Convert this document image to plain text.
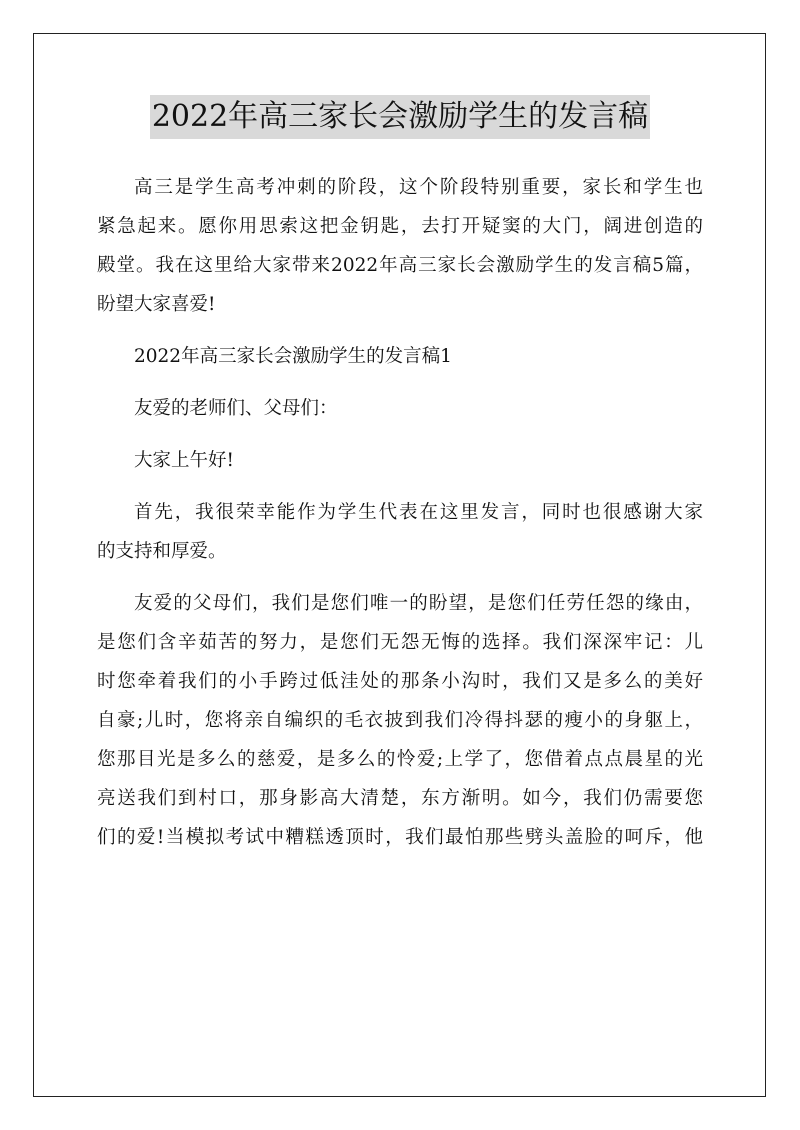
2022年高三家长会激励学生的发言稿
高三是学生高考冲刺的阶段，这个阶段特别重要，家长和学生也
紧急起来。愿你用思索这把金钥匙，去打开疑窦的大门，阔进创造的
殿堂。我在这里给大家带来2022年高三家长会激励学生的发言稿5篇，
盼望大家喜爱!
2022年高三家长会激励学生的发言稿1
友爱的老师们、父母们：
大家上午好!
首先，我很荣幸能作为学生代表在这里发言，同时也很感谢大家
的支持和厚爱。
友爱的父母们，我们是您们唯一的盼望，是您们任劳任怨的缘由，
是您们含辛茹苦的努力，是您们无怨无悔的选择。我们深深牢记：儿
时您牵着我们的小手跨过低洼处的那条小沟时，我们又是多么的美好
自豪;儿时，您将亲自编织的毛衣披到我们冷得抖瑟的瘦小的身躯上，
您那目光是多么的慈爱，是多么的怜爱;上学了，您借着点点晨星的光
亮送我们到村口，那身影高大清楚，东方渐明。如今，我们仍需要您
们的爱!当模拟考试中糟糕透顶时，我们最怕那些劈头盖脸的呵斥，他
